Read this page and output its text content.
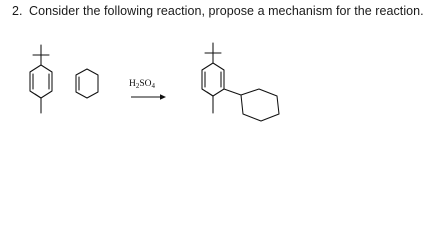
2. Consider the following reaction, propose a mechanism for the reaction.
$H_2SO_4$
